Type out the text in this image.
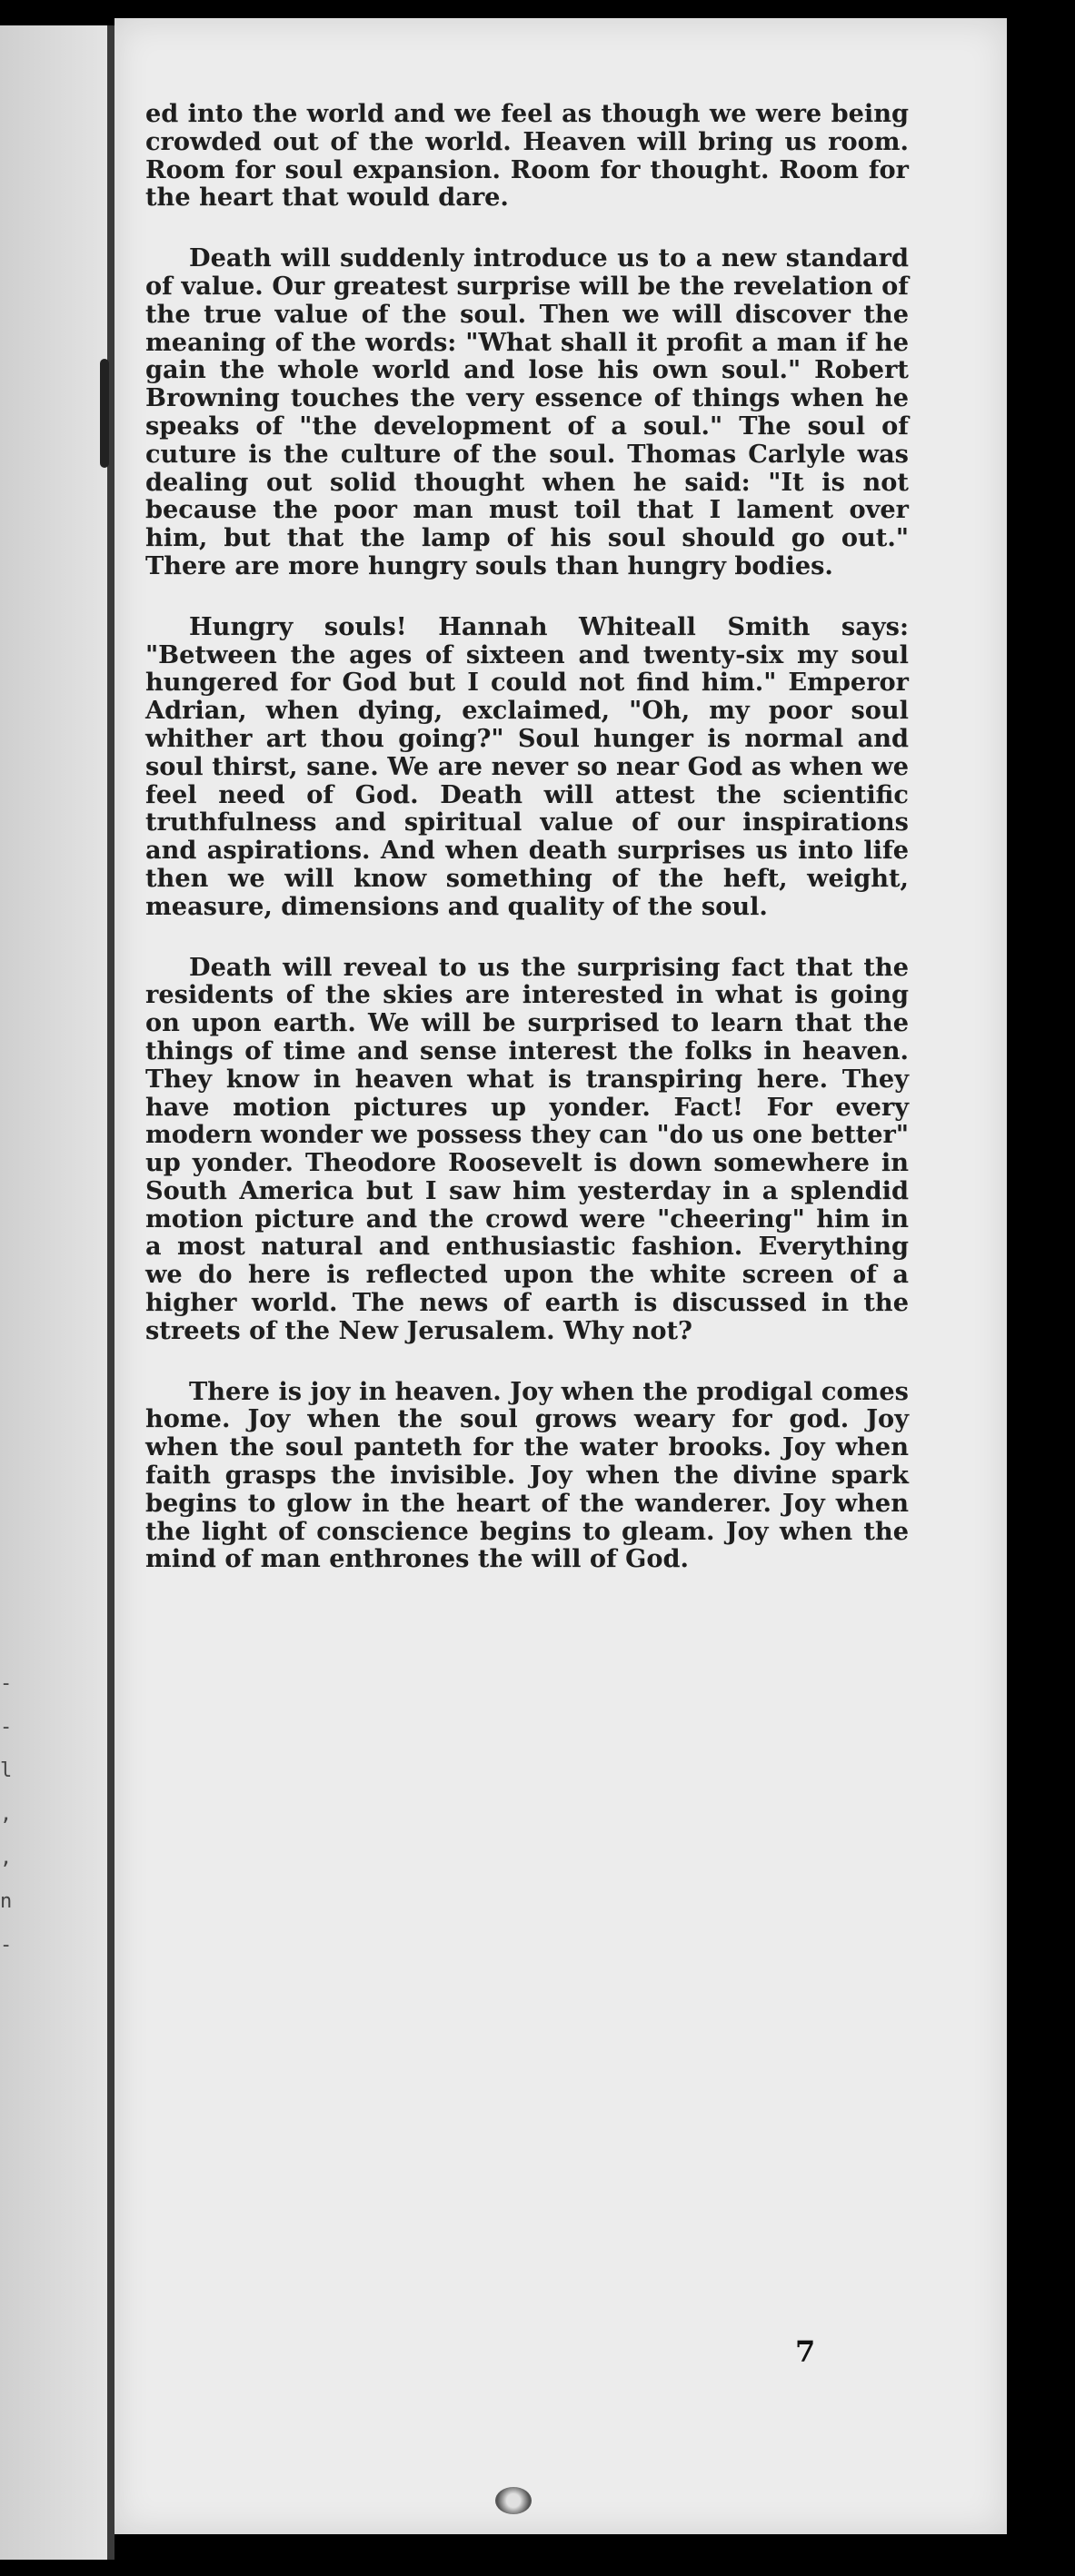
-
-
l
,
,
n
-

ed into the world and we feel as though we were being crowded out of the world. Heaven will bring us room. Room for soul expansion. Room for thought. Room for the heart that would dare.

Death will suddenly introduce us to a new standard of value. Our greatest surprise will be the revelation of the true value of the soul. Then we will discover the meaning of the words: "What shall it profit a man if he gain the whole world and lose his own soul." Robert Browning touches the very essence of things when he speaks of "the development of a soul." The soul of cuture is the culture of the soul. Thomas Carlyle was dealing out solid thought when he said: "It is not because the poor man must toil that I lament over him, but that the lamp of his soul should go out." There are more hungry souls than hungry bodies.

Hungry souls! Hannah Whiteall Smith says: "Between the ages of sixteen and twenty-six my soul hungered for God but I could not find him." Emperor Adrian, when dying, exclaimed, "Oh, my poor soul whither art thou going?" Soul hunger is normal and soul thirst, sane. We are never so near God as when we feel need of God. Death will attest the scientific truthfulness and spiritual value of our inspirations and aspirations. And when death surprises us into life then we will know something of the heft, weight, measure, dimensions and quality of the soul.

Death will reveal to us the surprising fact that the residents of the skies are interested in what is going on upon earth. We will be surprised to learn that the things of time and sense interest the folks in heaven. They know in heaven what is transpiring here. They have motion pictures up yonder. Fact! For every modern wonder we possess they can "do us one better" up yonder. Theodore Roosevelt is down somewhere in South America but I saw him yesterday in a splendid motion picture and the crowd were "cheering" him in a most natural and enthusiastic fashion. Everything we do here is reflected upon the white screen of a higher world. The news of earth is discussed in the streets of the New Jerusalem. Why not?

There is joy in heaven. Joy when the prodigal comes home. Joy when the soul grows weary for god. Joy when the soul panteth for the water brooks. Joy when faith grasps the invisible. Joy when the divine spark begins to glow in the heart of the wanderer. Joy when the light of conscience begins to gleam. Joy when the mind of man enthrones the will of God.

7
